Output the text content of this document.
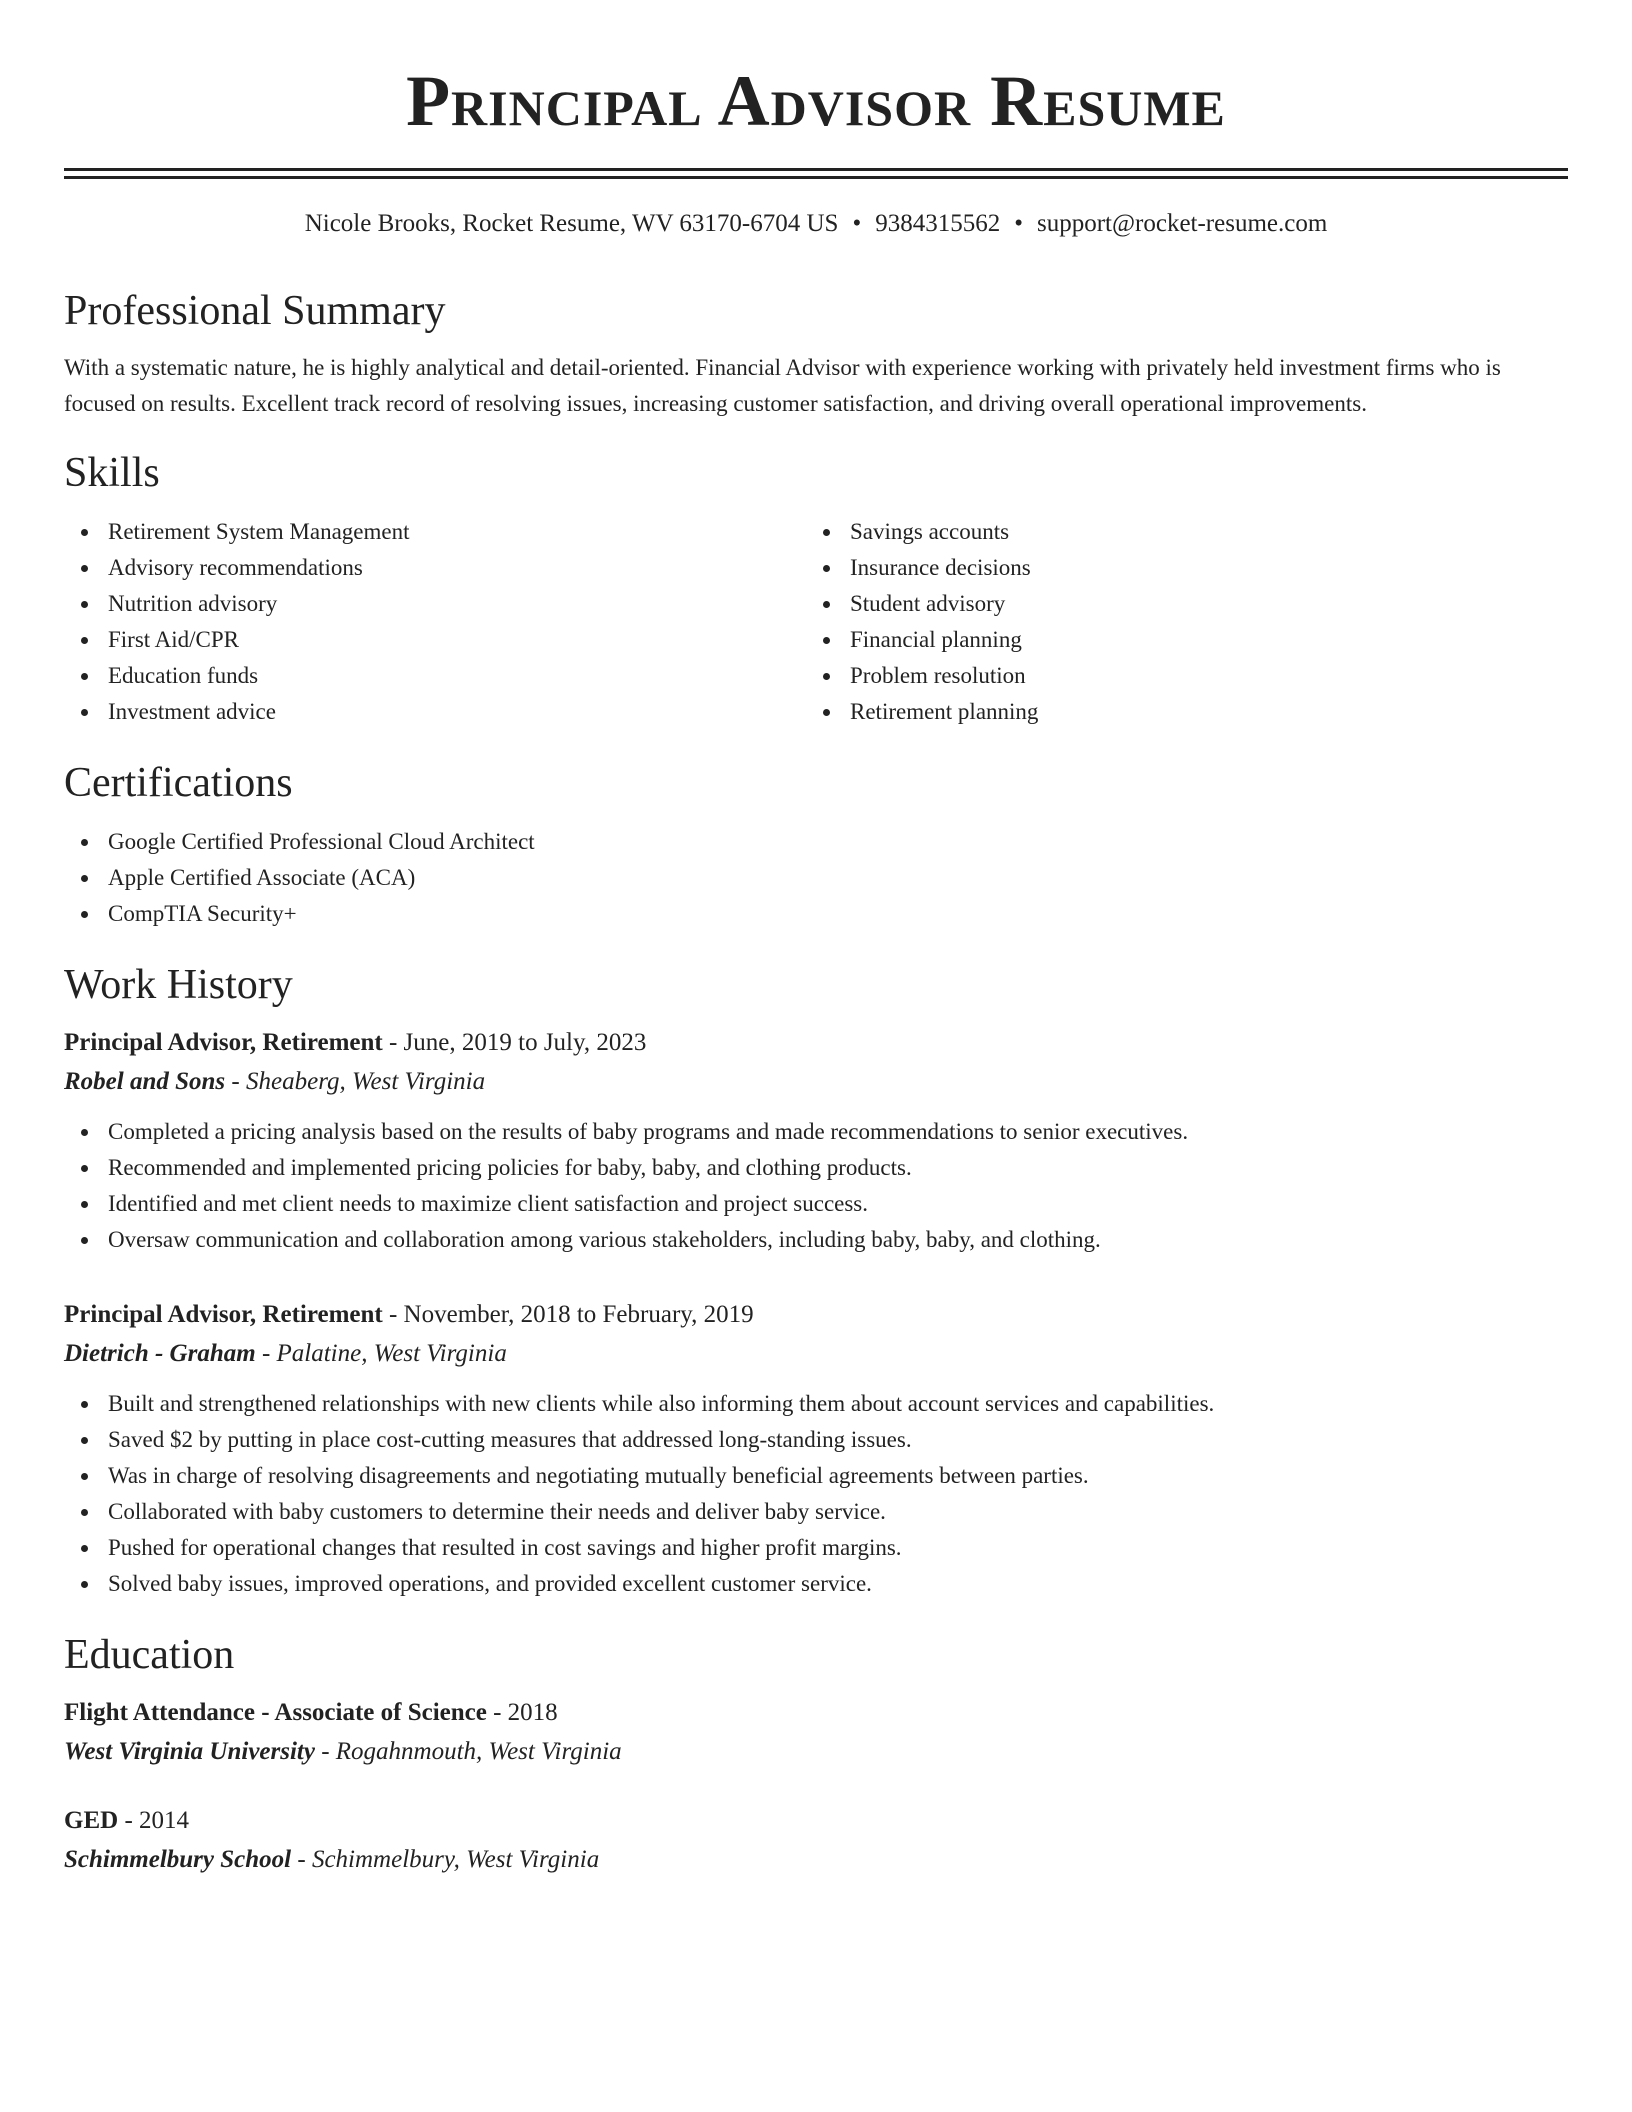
Principal Advisor Resume
Nicole Brooks, Rocket Resume, WV 63170-6704 US • 9384315562 • support@rocket-resume.com
Professional Summary

With a systematic nature, he is highly analytical and detail-oriented. Financial Advisor with experience working with privately held investment firms who is focused on results. Excellent track record of resolving issues, increasing customer satisfaction, and driving overall operational improvements.

Skills
Retirement System Management
Advisory recommendations
Nutrition advisory
First Aid/CPR
Education funds
Investment advice
Savings accounts
Insurance decisions
Student advisory
Financial planning
Problem resolution
Retirement planning
Certifications
Google Certified Professional Cloud Architect
Apple Certified Associate (ACA)
CompTIA Security+
Work History
Principal Advisor, Retirement - June, 2019 to July, 2023
Robel and Sons - Sheaberg, West Virginia
Completed a pricing analysis based on the results of baby programs and made recommendations to senior executives.
Recommended and implemented pricing policies for baby, baby, and clothing products.
Identified and met client needs to maximize client satisfaction and project success.
Oversaw communication and collaboration among various stakeholders, including baby, baby, and clothing.
Principal Advisor, Retirement - November, 2018 to February, 2019
Dietrich - Graham - Palatine, West Virginia
Built and strengthened relationships with new clients while also informing them about account services and capabilities.
Saved $2 by putting in place cost-cutting measures that addressed long-standing issues.
Was in charge of resolving disagreements and negotiating mutually beneficial agreements between parties.
Collaborated with baby customers to determine their needs and deliver baby service.
Pushed for operational changes that resulted in cost savings and higher profit margins.
Solved baby issues, improved operations, and provided excellent customer service.
Education
Flight Attendance - Associate of Science - 2018
West Virginia University - Rogahnmouth, West Virginia
GED - 2014
Schimmelbury School - Schimmelbury, West Virginia
